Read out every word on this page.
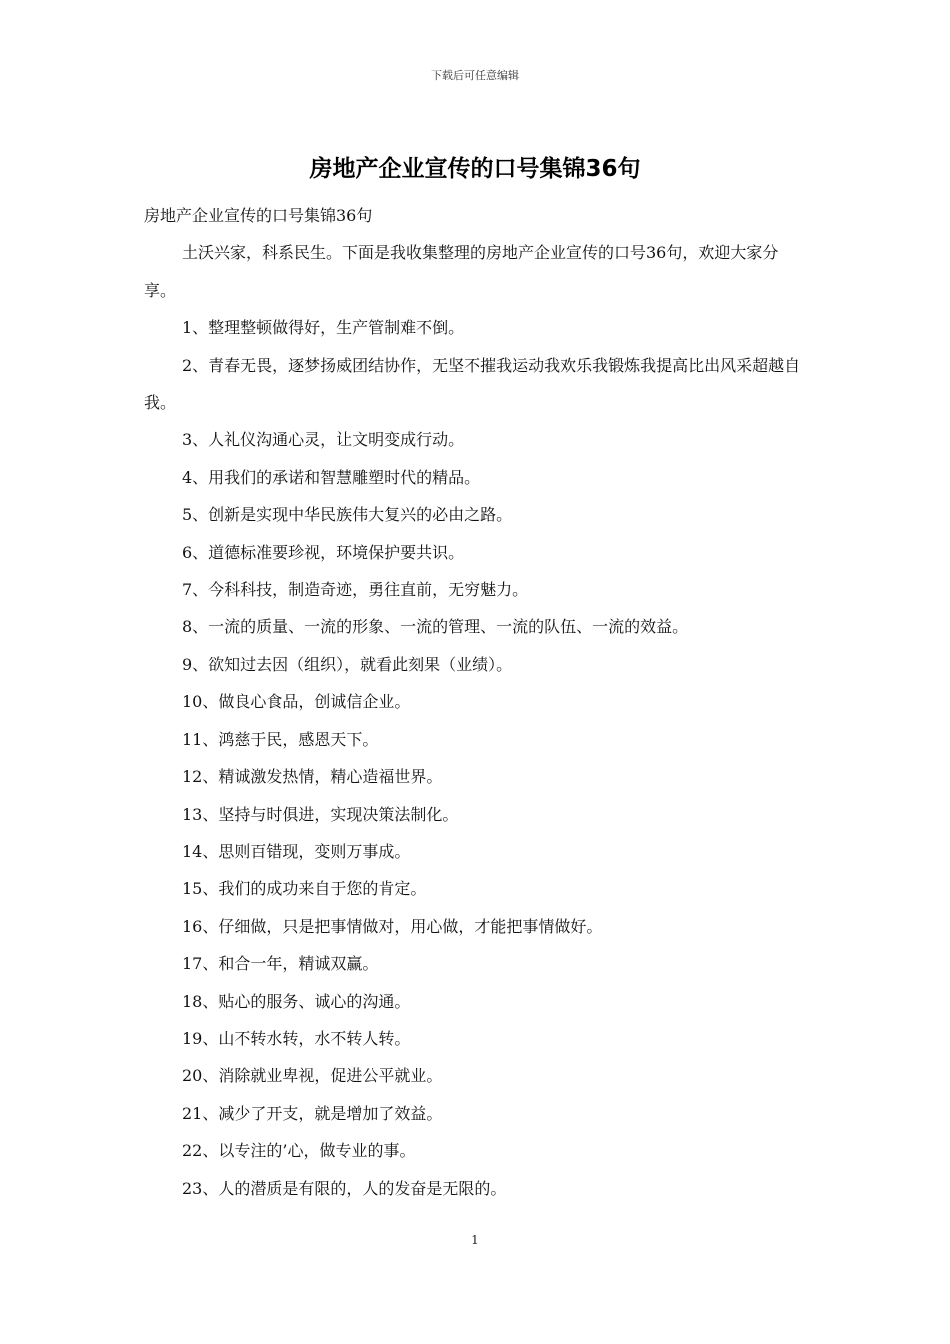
下载后可任意编辑
房地产企业宣传的口号集锦36句

房地产企业宣传的口号集锦36句

土沃兴家，科系民生。下面是我收集整理的房地产企业宣传的口号36句，欢迎大家分享。

1、整理整顿做得好，生产管制难不倒。

2、青春无畏，逐梦扬威团结协作，无坚不摧我运动我欢乐我锻炼我提高比出风采超越自我。

3、人礼仪沟通心灵，让文明变成行动。

4、用我们的承诺和智慧雕塑时代的精品。

5、创新是实现中华民族伟大复兴的必由之路。

6、道德标准要珍视，环境保护要共识。

7、今科科技，制造奇迹，勇往直前，无穷魅力。

8、一流的质量、一流的形象、一流的管理、一流的队伍、一流的效益。

9、欲知过去因（组织），就看此刻果（业绩）。

10、做良心食品，创诚信企业。

11、鸿慈于民，感恩天下。

12、精诚激发热情，精心造福世界。

13、坚持与时俱进，实现决策法制化。

14、思则百错现，变则万事成。

15、我们的成功来自于您的肯定。

16、仔细做，只是把事情做对，用心做，才能把事情做好。

17、和合一年，精诚双赢。

18、贴心的服务、诚心的沟通。

19、山不转水转，水不转人转。

20、消除就业卑视，促进公平就业。

21、减少了开支，就是增加了效益。

22、以专注的’心，做专业的事。

23、人的潜质是有限的，人的发奋是无限的。

1
